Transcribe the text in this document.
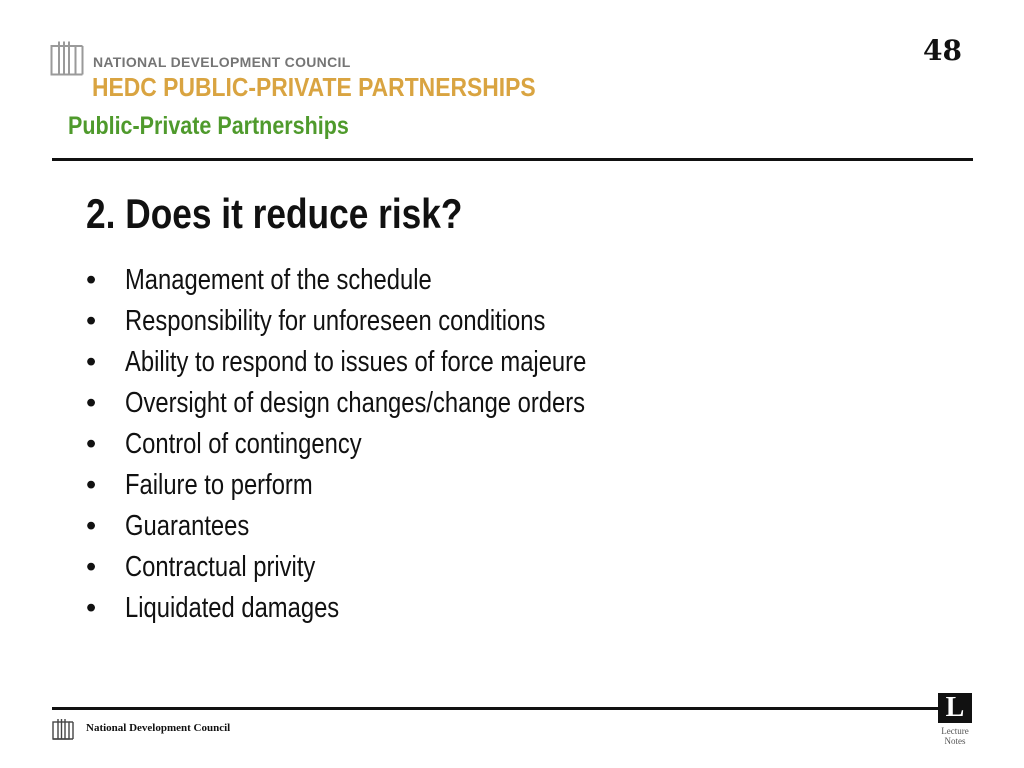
NATIONAL DEVELOPMENT COUNCIL
HEDC PUBLIC-PRIVATE PARTNERSHIPS
Public-Private Partnerships
48
2. Does it reduce risk?
• Management of the schedule
• Responsibility for unforeseen conditions
• Ability to respond to issues of force majeure
• Oversight of design changes/change orders
• Control of contingency
• Failure to perform
• Guarantees
• Contractual privity
• Liquidated damages
National Development Council
L
Lecture
Notes
